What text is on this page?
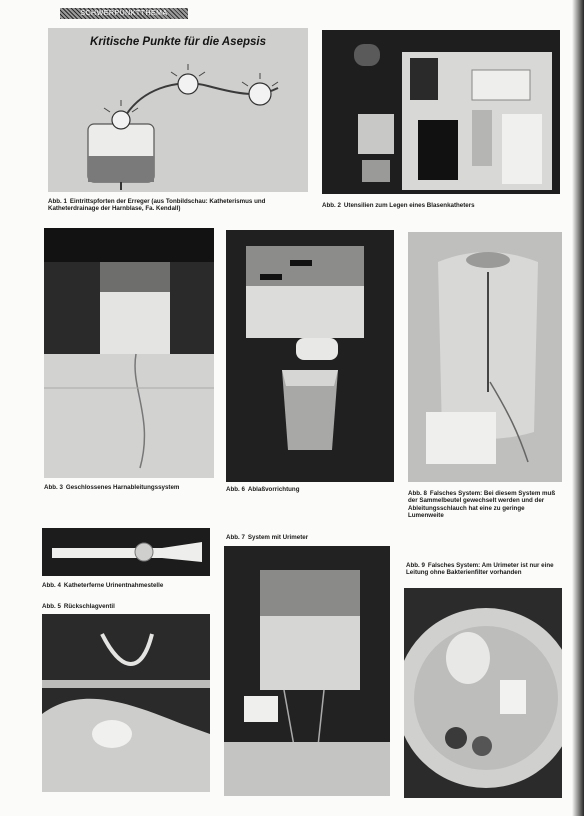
SCHWERPUNKTTHEMA

Kritische Punkte für die Asepsis

Abb. 1 Eintrittspforten der Erreger (aus Tonbildschau: Katheterismus und Katheterdrainage der Harnblase, Fa. Kendall)	Abb. 2 Utensilien zum Legen eines Blasenkatheters

Abb. 3 Geschlossenes Harnableitungssystem	Abb. 6 Ablaßvorrichtung

Abb. 8 Falsches System: Bei diesem System muß der Sammelbeutel gewechselt werden und der Ableitungsschlauch hat eine zu geringe Lumenweite

Abb. 4 Katheterferne Urinentnahmestelle

Abb. 5 Rückschlagventil

Abb. 7 System mit Urimeter

Abb. 9 Falsches System: Am Urimeter ist nur eine Leitung ohne Bakterienfilter vorhanden
